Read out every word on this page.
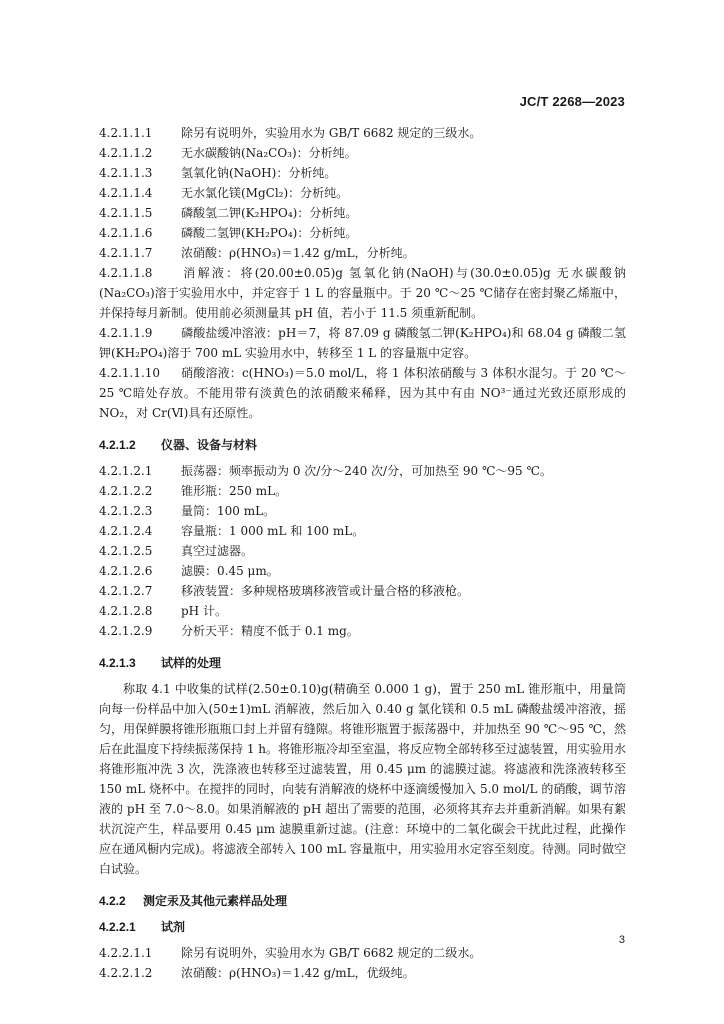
JC/T 2268—2023
4.2.1.1.1 除另有说明外，实验用水为 GB/T 6682 规定的三级水。
4.2.1.1.2 无水碳酸钠(Na₂CO₃)：分析纯。
4.2.1.1.3 氢氧化钠(NaOH)：分析纯。
4.2.1.1.4 无水氯化镁(MgCl₂)：分析纯。
4.2.1.1.5 磷酸氢二钾(K₂HPO₄)：分析纯。
4.2.1.1.6 磷酸二氢钾(KH₂PO₄)：分析纯。
4.2.1.1.7 浓硝酸：ρ(HNO₃)＝1.42 g/mL，分析纯。
4.2.1.1.8 消解液：将(20.00±0.05)g 氢氧化钠(NaOH)与(30.0±0.05)g 无水碳酸钠(Na₂CO₃)溶于实验用水中，并定容于 1 L 的容量瓶中。于 20 ℃～25 ℃储存在密封聚乙烯瓶中，并保持每月新制。使用前必须测量其 pH 值，若小于 11.5 须重新配制。
4.2.1.1.9 磷酸盐缓冲溶液：pH＝7，将 87.09 g 磷酸氢二钾(K₂HPO₄)和 68.04 g 磷酸二氢钾(KH₂PO₄)溶于 700 mL 实验用水中，转移至 1 L 的容量瓶中定容。
4.2.1.1.10 硝酸溶液：c(HNO₃)＝5.0 mol/L，将 1 体积浓硝酸与 3 体积水混匀。于 20 ℃～25 ℃暗处存放。不能用带有淡黄色的浓硝酸来稀释，因为其中有由 NO³⁻通过光致还原形成的 NO₂，对 Cr(Ⅵ)具有还原性。
4.2.1.2 仪器、设备与材料
4.2.1.2.1 振荡器：频率振动为 0 次/分～240 次/分，可加热至 90 ℃～95 ℃。
4.2.1.2.2 锥形瓶：250 mL。
4.2.1.2.3 量筒：100 mL。
4.2.1.2.4 容量瓶：1 000 mL 和 100 mL。
4.2.1.2.5 真空过滤器。
4.2.1.2.6 滤膜：0.45 μm。
4.2.1.2.7 移液装置：多种规格玻璃移液管或计量合格的移液枪。
4.2.1.2.8 pH 计。
4.2.1.2.9 分析天平：精度不低于 0.1 mg。
4.2.1.3 试样的处理
称取 4.1 中收集的试样(2.50±0.10)g(精确至 0.000 1 g)，置于 250 mL 锥形瓶中，用量筒向每一份样品中加入(50±1)mL 消解液，然后加入 0.40 g 氯化镁和 0.5 mL 磷酸盐缓冲溶液，摇匀，用保鲜膜将锥形瓶瓶口封上并留有缝隙。将锥形瓶置于振荡器中，并加热至 90 ℃～95 ℃，然后在此温度下持续振荡保持 1 h。将锥形瓶冷却至室温，将反应物全部转移至过滤装置，用实验用水将锥形瓶冲洗 3 次，洗涤液也转移至过滤装置，用 0.45 μm 的滤膜过滤。将滤液和洗涤液转移至 150 mL 烧杯中。在搅拌的同时，向装有消解液的烧杯中逐滴缓慢加入 5.0 mol/L 的硝酸，调节溶液的 pH 至 7.0～8.0。如果消解液的 pH 超出了需要的范围，必须将其弃去并重新消解。如果有絮状沉淀产生，样品要用 0.45 μm 滤膜重新过滤。(注意：环境中的二氧化碳会干扰此过程，此操作应在通风橱内完成)。将滤液全部转入 100 mL 容量瓶中，用实验用水定容至刻度。待测。同时做空白试验。
4.2.2 测定汞及其他元素样品处理
4.2.2.1 试剂
4.2.2.1.1 除另有说明外，实验用水为 GB/T 6682 规定的二级水。
4.2.2.1.2 浓硝酸：ρ(HNO₃)＝1.42 g/mL，优级纯。
3
